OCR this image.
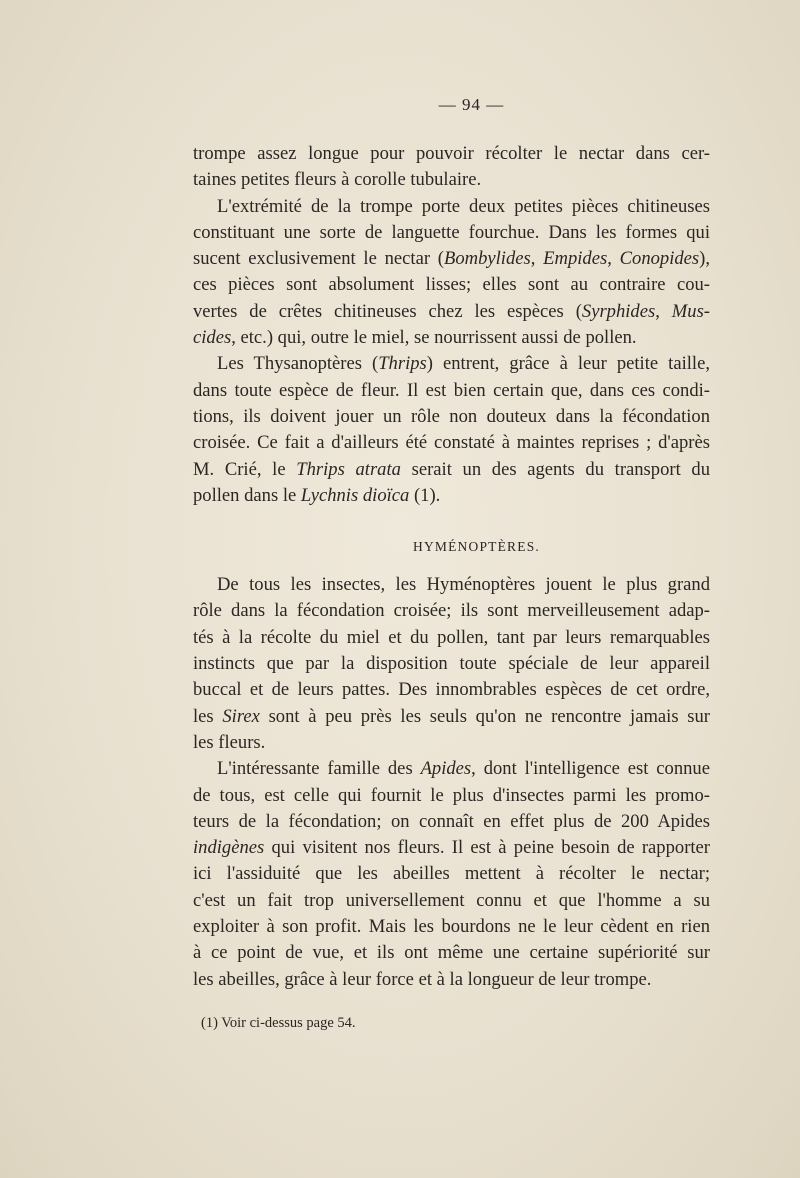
— 94 —
trompe assez longue pour pouvoir récolter le nectar dans cer-
taines petites fleurs à corolle tubulaire.
L'extrémité de la trompe porte deux petites pièces chitineuses
constituant une sorte de languette fourchue. Dans les formes qui
sucent exclusivement le nectar (Bombylides, Empides, Conopides),
ces pièces sont absolument lisses; elles sont au contraire cou-
vertes de crêtes chitineuses chez les espèces (Syrphides, Mus-
cides, etc.) qui, outre le miel, se nourrissent aussi de pollen.
Les Thysanoptères (Thrips) entrent, grâce à leur petite taille,
dans toute espèce de fleur. Il est bien certain que, dans ces condi-
tions, ils doivent jouer un rôle non douteux dans la fécondation
croisée. Ce fait a d'ailleurs été constaté à maintes reprises ; d'après
M. Crié, le Thrips atrata serait un des agents du transport du
pollen dans le Lychnis dioïca (1).
HYMÉNOPTÈRES.
De tous les insectes, les Hyménoptères jouent le plus grand
rôle dans la fécondation croisée; ils sont merveilleusement adap-
tés à la récolte du miel et du pollen, tant par leurs remarquables
instincts que par la disposition toute spéciale de leur appareil
buccal et de leurs pattes. Des innombrables espèces de cet ordre,
les Sirex sont à peu près les seuls qu'on ne rencontre jamais sur
les fleurs.
L'intéressante famille des Apides, dont l'intelligence est connue
de tous, est celle qui fournit le plus d'insectes parmi les promo-
teurs de la fécondation; on connaît en effet plus de 200 Apides
indigènes qui visitent nos fleurs. Il est à peine besoin de rapporter
ici l'assiduité que les abeilles mettent à récolter le nectar;
c'est un fait trop universellement connu et que l'homme a su
exploiter à son profit. Mais les bourdons ne le leur cèdent en rien
à ce point de vue, et ils ont même une certaine supériorité sur
les abeilles, grâce à leur force et à la longueur de leur trompe.
(1) Voir ci-dessus page 54.
